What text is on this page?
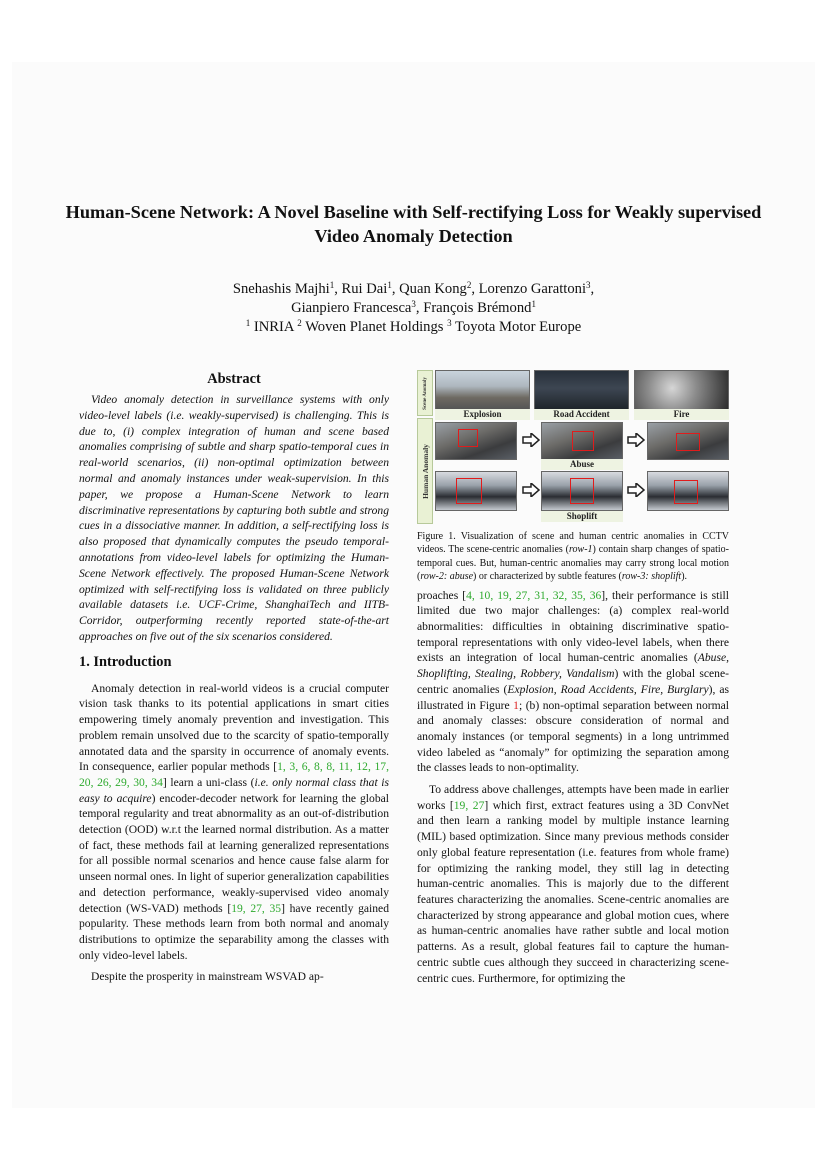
Human-Scene Network: A Novel Baseline with Self-rectifying Loss for Weakly supervised Video Anomaly Detection
Snehashis Majhi$^1$, Rui Dai$^1$, Quan Kong$^2$, Lorenzo Garattoni$^3$,
Gianpiero Francesca$^3$, François Brémond$^1$
$^1$ INRIA $^2$ Woven Planet Holdings $^3$ Toyota Motor Europe
Abstract

Video anomaly detection in surveillance systems with only video-level labels (i.e. weakly-supervised) is challenging. This is due to, (i) complex integration of human and scene based anomalies comprising of subtle and sharp spatio-temporal cues in real-world scenarios, (ii) non-optimal optimization between normal and anomaly instances under weak-supervision. In this paper, we propose a Human-Scene Network to learn discriminative representations by capturing both subtle and strong cues in a dissociative manner. In addition, a self-rectifying loss is also proposed that dynamically computes the pseudo temporal-annotations from video-level labels for optimizing the Human-Scene Network effectively. The proposed Human-Scene Network optimized with self-rectifying loss is validated on three publicly available datasets i.e. UCF-Crime, ShanghaiTech and IITB-Corridor, outperforming recently reported state-of-the-art approaches on five out of the six scenarios considered.

1. Introduction

Anomaly detection in real-world videos is a crucial computer vision task thanks to its potential applications in smart cities empowering timely anomaly prevention and investigation. This problem remain unsolved due to the scarcity of spatio-temporally annotated data and the sparsity in occurrence of anomaly events. In consequence, earlier popular methods [1, 3, 6, 8, 8, 11, 12, 17, 20, 26, 29, 30, 34] learn a uni-class (i.e. only normal class that is easy to acquire) encoder-decoder network for learning the global temporal regularity and treat abnormality as an out-of-distribution detection (OOD) w.r.t the learned normal distribution. As a matter of fact, these methods fail at learning generalized representations for all possible normal scenarios and hence cause false alarm for unseen normal ones. In light of superior generalization capabilities and detection performance, weakly-supervised video anomaly detection (WS-VAD) methods [19, 27, 35] have recently gained popularity. These methods learn from both normal and anomaly distributions to optimize the separability among the classes with only video-level labels.

Despite the prosperity in mainstream WSVAD ap-

Scene Anomaly
Human Anomaly
Explosion	Road Accident	Fire
Abuse
Shoplift

Figure 1. Visualization of scene and human centric anomalies in CCTV videos. The scene-centric anomalies (row-1) contain sharp changes of spatio-temporal cues. But, human-centric anomalies may carry strong local motion (row-2: abuse) or characterized by subtle features (row-3: shoplift).

proaches [4, 10, 19, 27, 31, 32, 35, 36], their performance is still limited due two major challenges: (a) complex real-world abnormalities: difficulties in obtaining discriminative spatio-temporal representations with only video-level labels, when there exists an integration of local human-centric anomalies (Abuse, Shoplifting, Stealing, Robbery, Vandalism) with the global scene-centric anomalies (Explosion, Road Accidents, Fire, Burglary), as illustrated in Figure 1; (b) non-optimal separation between normal and anomaly classes: obscure consideration of normal and anomaly instances (or temporal segments) in a long untrimmed video labeled as “anomaly” for optimizing the separation among the classes leads to non-optimality.

To address above challenges, attempts have been made in earlier works [19, 27] which first, extract features using a 3D ConvNet and then learn a ranking model by multiple instance learning (MIL) based optimization. Since many previous methods consider only global feature representation (i.e. features from whole frame) for optimizing the ranking model, they still lag in detecting human-centric anomalies. This is majorly due to the different features characterizing the anomalies. Scene-centric anomalies are characterized by strong appearance and global motion cues, where as human-centric anomalies have rather subtle and local motion patterns. As a result, global features fail to capture the human-centric subtle cues although they succeed in characterizing scene-centric cues. Furthermore, for optimizing the
